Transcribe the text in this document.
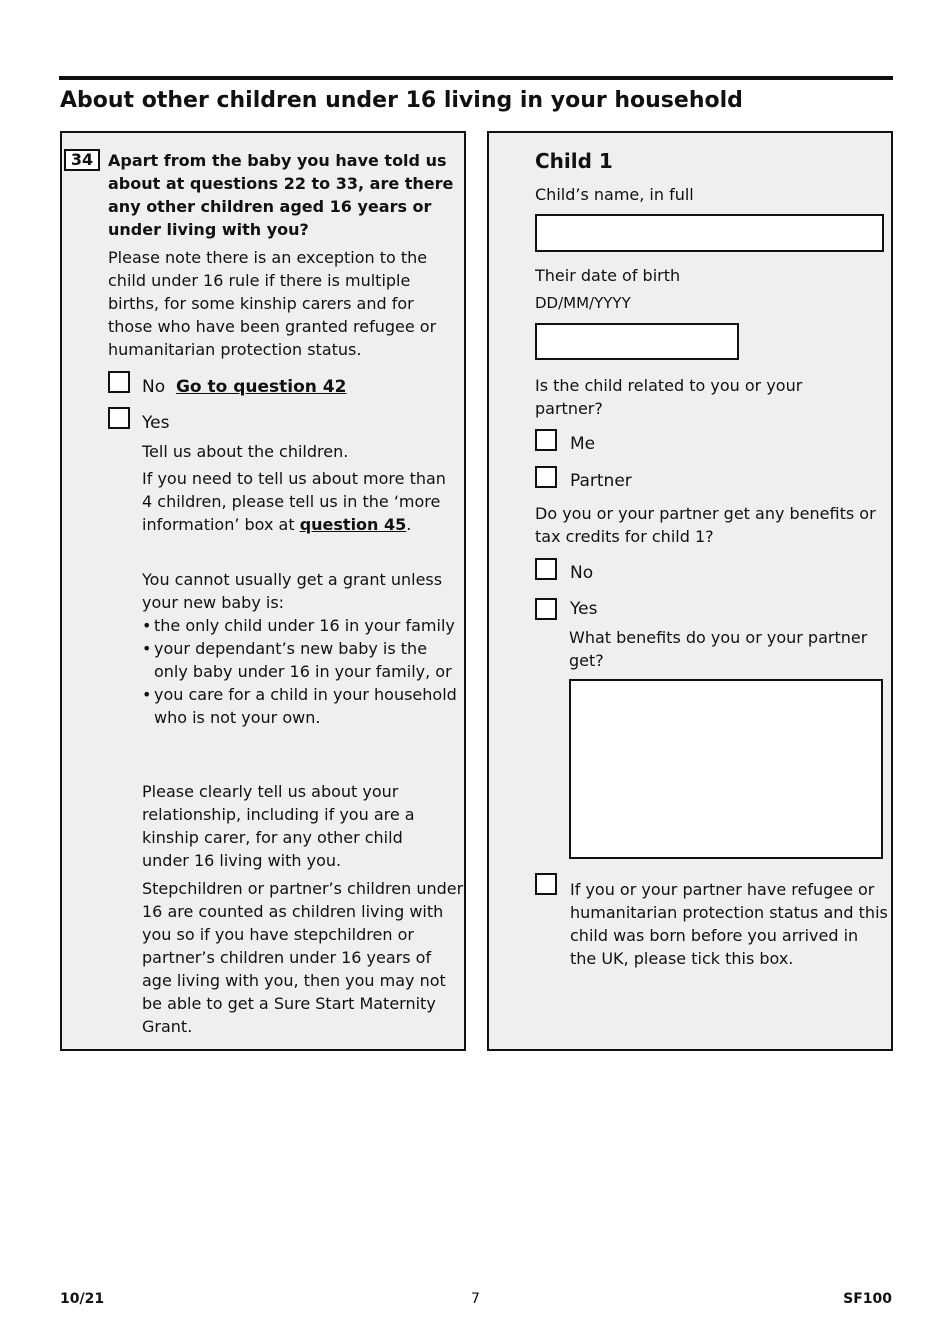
About other children under 16 living in your household
34 Apart from the baby you have told us about at questions 22 to 33, are there any other children aged 16 years or under living with you?

Please note there is an exception to the child under 16 rule if there is multiple births, for some kinship carers and for those who have been granted refugee or humanitarian protection status.

No Go to question 42
Yes

Tell us about the children.

If you need to tell us about more than 4 children, please tell us in the ‘more information’ box at question 45.

You cannot usually get a grant unless your new baby is:

• the only child under 16 in your family
• your dependant’s new baby is the only baby under 16 in your family, or
• you care for a child in your household who is not your own.

Please clearly tell us about your relationship, including if you are a kinship carer, for any other child under 16 living with you.

Stepchildren or partner’s children under 16 are counted as children living with you so if you have stepchildren or partner’s children under 16 years of age living with you, then you may not be able to get a Sure Start Maternity Grant.

Child 1

Child’s name, in full

Their date of birth

DD/MM/YYYY

Is the child related to you or your partner?

Me
Partner

Do you or your partner get any benefits or tax credits for child 1?

No
Yes

What benefits do you or your partner get?

If you or your partner have refugee or humanitarian protection status and this child was born before you arrived in the UK, please tick this box.

10/21	7	SF100
